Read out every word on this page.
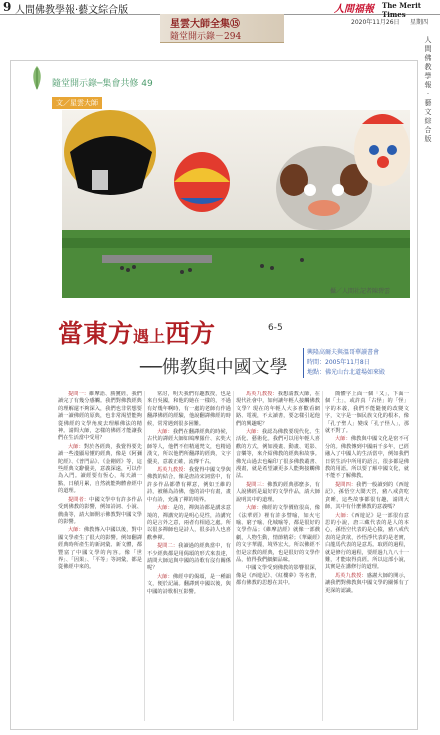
9 人間佛教學報‧藝文綜合版	人間福報 The Merit Times
2020年11月26日 星期四
星雲大師全集⑮
隨堂開示錄－294
隨堂開示錄─集會共修 49
文／星雲大師
攝／人間社記者陳碧雲
當東方遇上西方	6-5
──佛教與中國文學
興隆高爾夫與溫哥華讀書會
時間：2005年11月8日
地點：佛光山台北道場如來殿

提問一：維摩語、勝鬘經，我們讀完了有幾分感觸。我們對佛教經典的理解還不夠深入，我們也非常想要讀一讀佛經的原典，也非常渴望能夠從佛經的文學角度去理解佛法的精神。請問大師，怎樣的佛經才能讓我們在生活當中受用？

大師：對於各經典，我覺得要先讀一些淺顯易懂的經典，像是《阿彌陀經》、《普門品》、《金剛經》等，這些經典文辭優美，意義深遠，可以作為入門。讀經要有恆心，每天讀一點，日積月累，自然就能夠體會經中的道理。

提問者：中國文學中有許多作品受到佛教的影響，例如詩詞、小說、戲曲等，請大師開示佛教對中國文學的影響。

大師：佛教傳入中國以後，對中國文學產生了很大的影響。例如翻譯經典時所產生的新詞彙、新文體，都豐富了中國文學的內容。像「世界」、「因果」、「平等」等詞彙，都是從佛經中來的。

常討，明天我們有趣教授，也是來自吳國，和他的她在一樣的，不過有好幾年啊時，有一處的老師有作過翻譯佛經的經驗，他說翻譯佛經的時候，常常遇到很多困難。

大師：我們在翻譯經典的時候，古代的譯經大師如鳩摩羅什、玄奘大師等人，他們不但精通梵文，也精通漢文，所以他們所翻譯的經典，文字優美，意義正確，流傳千古。

馬英九教授：我覺得中國文學與佛教的結合，像是唐詩宋詞當中，有許多作品都帶有禪意，例如王維的詩，被稱為詩佛，他的詩中有畫，畫中有詩，充滿了禪的境界。

大師：是的，禪與詩都是講求意境的，禪講究的是明心見性，詩講究的是言外之意，兩者有相通之處。所以很多禪師也是詩人，很多詩人也喜歡參禪。

提問二：我讀過的經典當中，有不少經典都是用偈頌的形式來表達，請問大師這與中國的詩歌有沒有關係呢？

大師：佛經中的偈頌，是一種韻文，便於記誦。翻譯到中國以後，與中國的詩歌相互影響。

馬英九教授：我想請教大師，在現代社會中，如何讓年輕人接觸佛教文學？現在的年輕人大多喜歡看網路、電視，不太讀書，要怎樣引起他們的興趣呢？

大師：我認為佛教要現代化、生活化、藝術化。我們可以用年輕人喜歡的方式，例如漫畫、動畫、電影、音樂等，來介紹佛教的經典和故事。佛光山過去也編印了很多佛教叢書、漫畫，就是希望讓更多人能夠接觸佛法。

提問三：佛教的經典那麼多，有人說佛經是最好的文學作品，請大師說明其中的道理。

大師：佛經的文學價值很高，像《法華經》裡有許多譬喻，如火宅喻、窮子喻、化城喻等，都是很好的文學作品；《維摩詰經》就像一部戲劇，人物生動，情節精彩；《華嚴經》的文字華麗，境界宏大。所以佛經不但是宗教的經典，也是很好的文學作品，值得我們細細品味。

中國文學受到佛教的影響很深，像是《西遊記》、《紅樓夢》等名著，都有佛教的思想在其中。

簡體字上面一個「又」，下面一個「土」，或許真「古怪」的「怪」字的本義，我們不能隨便的改變文字，文字是一個民族文化的根本，像「孔子聖人」變成「孔子怪人」，那就不對了。

大師：佛教與中國文化是密不可分的。佛教傳到中國兩千多年，已經融入了中國人的生活當中，例如我們日常生活中所用的語言，很多都是佛教的用語。所以要了解中國文化，就不能不了解佛教。

提問四：我們一般讀到的《西遊記》，孫悟空大鬧天宮，豬八戒貪吃貪睡，這些故事都很有趣，請問大師，其中有什麼佛教的意義嗎？

大師：《西遊記》是一部很有意思的小說，唐三藏代表的是人的本心，孫悟空代表的是心猿，豬八戒代表的是貪欲，沙悟淨代表的是老實，白龍馬代表的是意馬。取經的過程，就是修行的過程，要經過九九八十一難，才能取得真經。所以這部小說，其實是在講修行的道理。

馬英九教授：感謝大師的開示，讓我們對佛教與中國文學的關係有了更深的認識。

人
間
佛
教
學
報
‧
藝
文
綜
合
版
